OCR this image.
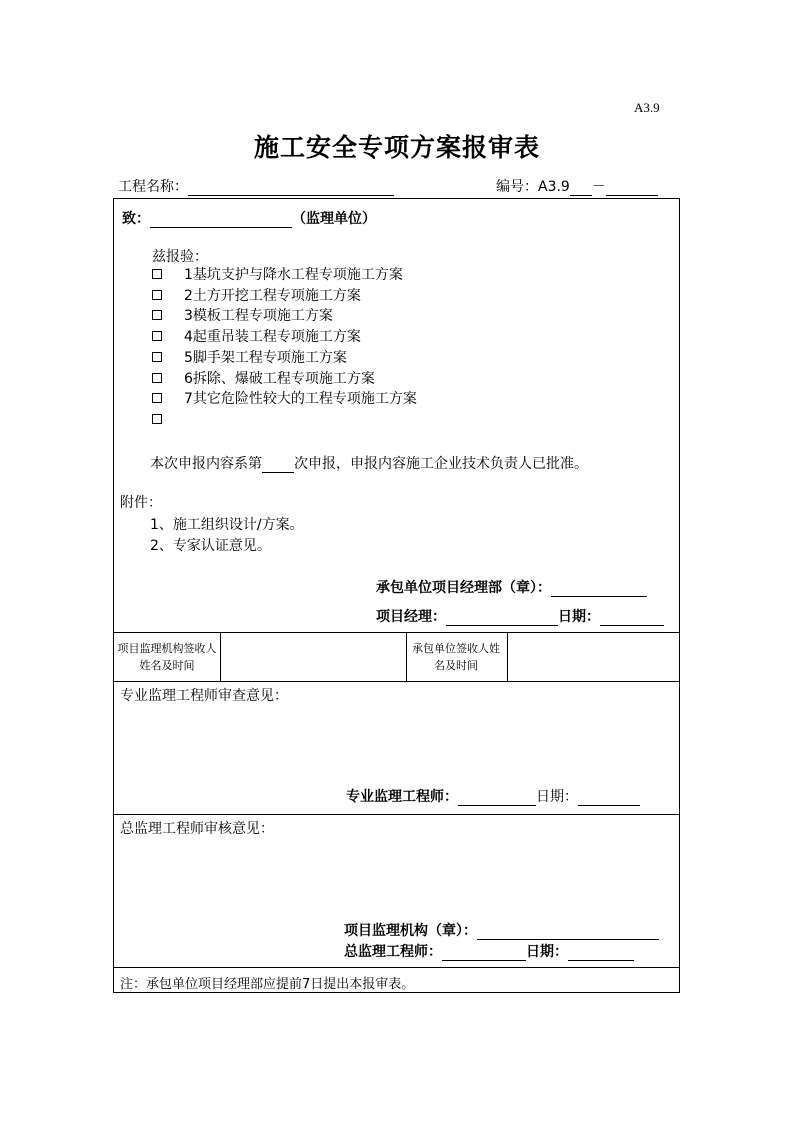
A3.9
施工安全专项方案报审表
工程名称：	编号：A3.9 －
致：	（监理单位）
兹报验：
1基坑支护与降水工程专项施工方案
2土方开挖工程专项施工方案
3模板工程专项施工方案
4起重吊装工程专项施工方案
5脚手架工程专项施工方案
6拆除、爆破工程专项施工方案
7其它危险性较大的工程专项施工方案
本次申报内容系第 次申报，申报内容施工企业技术负责人已批准。
附件：
1、施工组织设计/方案。
2、专家认证意见。
承包单位项目经理部（章）：
项目经理：	日期：
项目监理机构签收人姓名及时间
承包单位签收人姓名及时间
专业监理工程师审查意见：
专业监理工程师：	日期：
总监理工程师审核意见：
项目监理机构（章）：
总监理工程师：	日期：
注：承包单位项目经理部应提前7日提出本报审表。
